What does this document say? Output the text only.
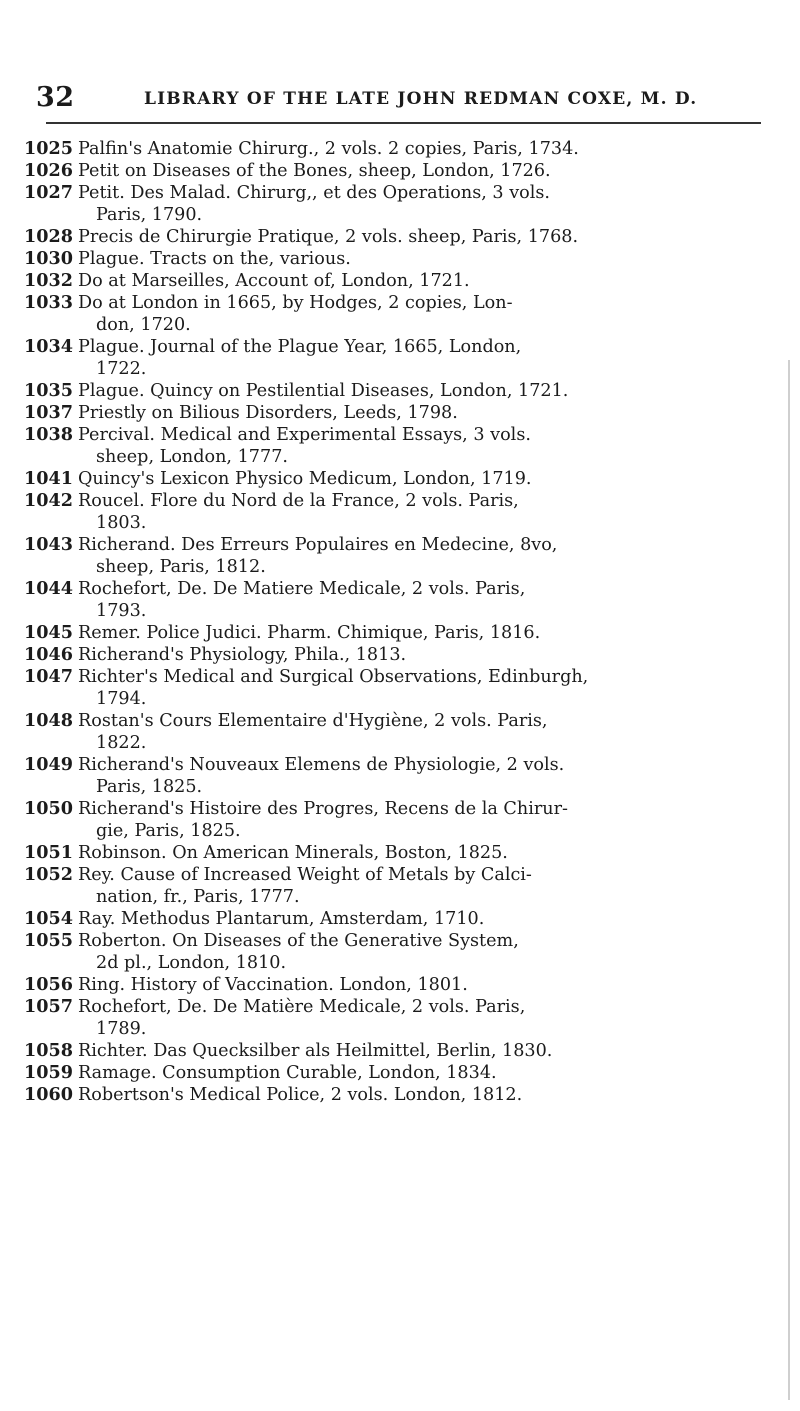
32	LIBRARY OF THE LATE JOHN REDMAN COXE, M. D.
1025 Palfin's Anatomie Chirurg., 2 vols. 2 copies, Paris, 1734.
1026 Petit on Diseases of the Bones, sheep, London, 1726.
1027 Petit. Des Malad. Chirurg,, et des Operations, 3 vols.
Paris, 1790.
1028 Precis de Chirurgie Pratique, 2 vols. sheep, Paris, 1768.
1030 Plague. Tracts on the, various.
1032 Do at Marseilles, Account of, London, 1721.
1033 Do at London in 1665, by Hodges, 2 copies, Lon-
don, 1720.
1034 Plague. Journal of the Plague Year, 1665, London,
1722.
1035 Plague. Quincy on Pestilential Diseases, London, 1721.
1037 Priestly on Bilious Disorders, Leeds, 1798.
1038 Percival. Medical and Experimental Essays, 3 vols.
sheep, London, 1777.
1041 Quincy's Lexicon Physico Medicum, London, 1719.
1042 Roucel. Flore du Nord de la France, 2 vols. Paris,
1803.
1043 Richerand. Des Erreurs Populaires en Medecine, 8vo,
sheep, Paris, 1812.
1044 Rochefort, De. De Matiere Medicale, 2 vols. Paris,
1793.
1045 Remer. Police Judici. Pharm. Chimique, Paris, 1816.
1046 Richerand's Physiology, Phila., 1813.
1047 Richter's Medical and Surgical Observations, Edinburgh,
1794.
1048 Rostan's Cours Elementaire d'Hygiène, 2 vols. Paris,
1822.
1049 Richerand's Nouveaux Elemens de Physiologie, 2 vols.
Paris, 1825.
1050 Richerand's Histoire des Progres, Recens de la Chirur-
gie, Paris, 1825.
1051 Robinson. On American Minerals, Boston, 1825.
1052 Rey. Cause of Increased Weight of Metals by Calci-
nation, fr., Paris, 1777.
1054 Ray. Methodus Plantarum, Amsterdam, 1710.
1055 Roberton. On Diseases of the Generative System,
2d pl., London, 1810.
1056 Ring. History of Vaccination. London, 1801.
1057 Rochefort, De. De Matière Medicale, 2 vols. Paris,
1789.
1058 Richter. Das Quecksilber als Heilmittel, Berlin, 1830.
1059 Ramage. Consumption Curable, London, 1834.
1060 Robertson's Medical Police, 2 vols. London, 1812.
